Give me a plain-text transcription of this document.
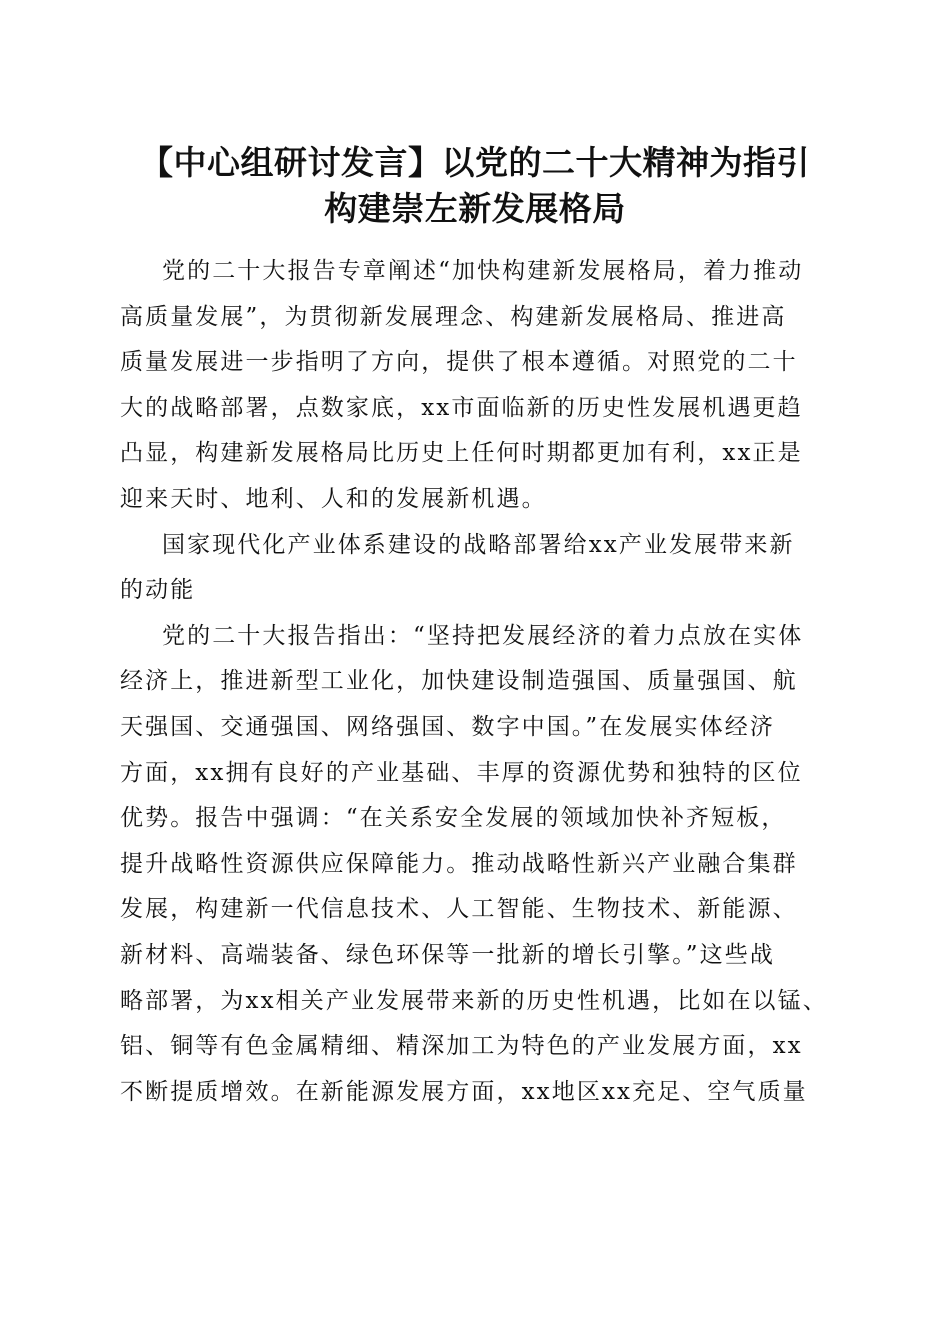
【中心组研讨发言】以党的二十大精神为指引
构建崇左新发展格局
党的二十大报告专章阐述“加快构建新发展格局，着力推动
高质量发展”，为贯彻新发展理念、构建新发展格局、推进高
质量发展进一步指明了方向，提供了根本遵循。对照党的二十
大的战略部署，点数家底，xx市面临新的历史性发展机遇更趋
凸显，构建新发展格局比历史上任何时期都更加有利，xx正是
迎来天时、地利、人和的发展新机遇。
国家现代化产业体系建设的战略部署给xx产业发展带来新
的动能
党的二十大报告指出：“坚持把发展经济的着力点放在实体
经济上，推进新型工业化，加快建设制造强国、质量强国、航
天强国、交通强国、网络强国、数字中国。”在发展实体经济
方面，xx拥有良好的产业基础、丰厚的资源优势和独特的区位
优势。报告中强调：“在关系安全发展的领域加快补齐短板，
提升战略性资源供应保障能力。推动战略性新兴产业融合集群
发展，构建新一代信息技术、人工智能、生物技术、新能源、
新材料、高端装备、绿色环保等一批新的增长引擎。”这些战
略部署，为xx相关产业发展带来新的历史性机遇，比如在以锰、
铝、铜等有色金属精细、精深加工为特色的产业发展方面，xx
不断提质增效。在新能源发展方面，xx地区xx充足、空气质量
